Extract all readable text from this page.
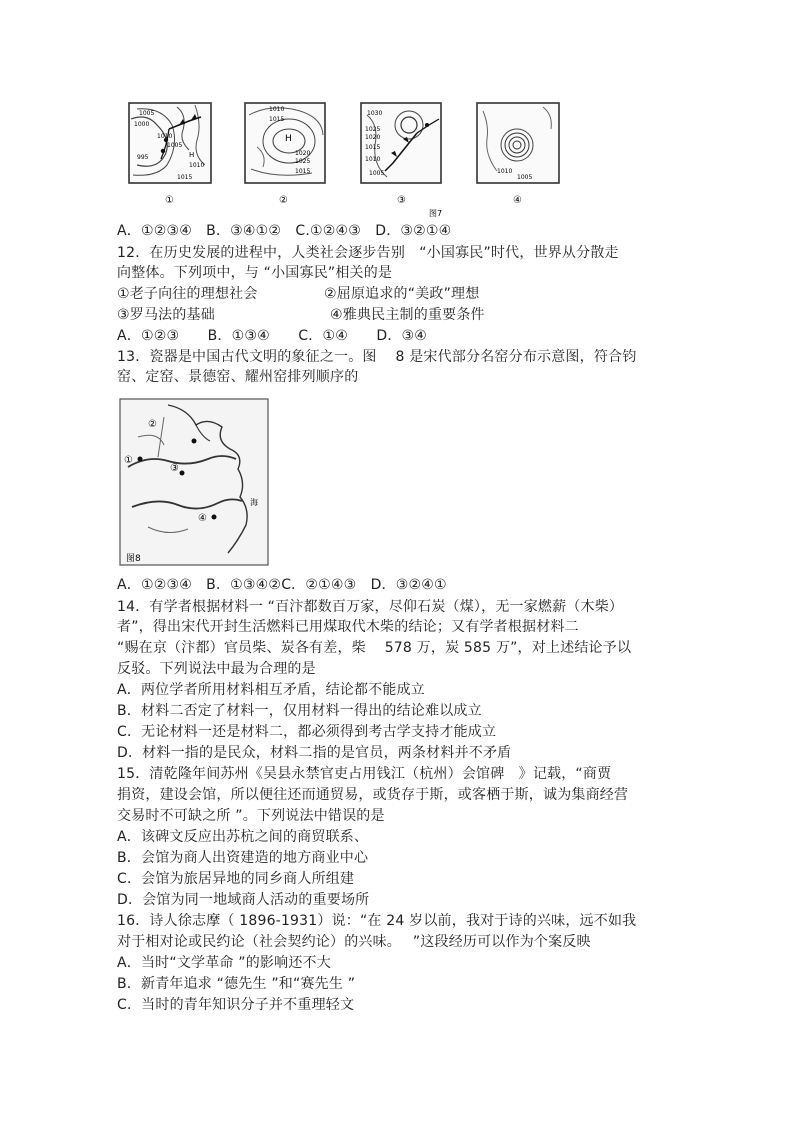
1005
1000
995	H
1010
1005
1010
1015
①
1010
1015
H
1020
1025
1015
②
1030
1025
1020
1015
1010
1005
③
1010
1005
④
图7
A．①②③④　B．③④①②　C.①②④③　D．③②①④
12．在历史发展的进程中，人类社会逐步告别　“小国寡民”时代，世界从分散走
向整体。下列项中，与 “小国寡民”相关的是
①老子向往的理想社会	②屈原追求的“美政”理想
③罗马法的基础	④雅典民主制的重要条件
A．①②③　　B．①③④　　C．①④　　D．③④
13．瓷器是中国古代文明的象征之一。图　 8 是宋代部分名窑分布示意图，符合钧
窑、定窑、景德窑、耀州窑排列顺序的
①
②
③
④
海
图8
A．①②③④　B．①③④②C．②①④③　D．③②④①
14．有学者根据材料一 “百汴都数百万家，尽仰石炭（煤），无一家燃薪（木柴）
者”，得出宋代开封生活燃料已用煤取代木柴的结论；又有学者根据材料二
“赐在京（汴都）官员柴、炭各有差，柴　 578 万，炭 585 万”，对上述结论予以
反驳。下列说法中最为合理的是
A．两位学者所用材料相互矛盾，结论都不能成立
B．材料二否定了材料一，仅用材料一得出的结论难以成立
C．无论材料一还是材料二，都必须得到考古学支持才能成立
D．材料一指的是民众，材料二指的是官员，两条材料并不矛盾
15．清乾隆年间苏州《吴县永禁官吏占用钱江（杭州）会馆碑　》记载，“商贾
捐资，建设会馆，所以便往还而通贸易，或货存于斯，或客栖于斯，诚为集商经营
交易时不可缺之所 ”。下列说法中错误的是
A．该碑文反应出苏杭之间的商贸联系、
B．会馆为商人出资建造的地方商业中心
C．会馆为旅居异地的同乡商人所组建
D．会馆为同一地域商人活动的重要场所
16．诗人徐志摩（ 1896-1931）说：“在 24 岁以前，我对于诗的兴味，远不如我
对于相对论或民约论（社会契约论）的兴味。　 ”这段经历可以作为个案反映
A．当时“文学革命 ”的影响还不大
B．新青年追求 “德先生 ”和“赛先生 ”
C．当时的青年知识分子并不重理轻文
